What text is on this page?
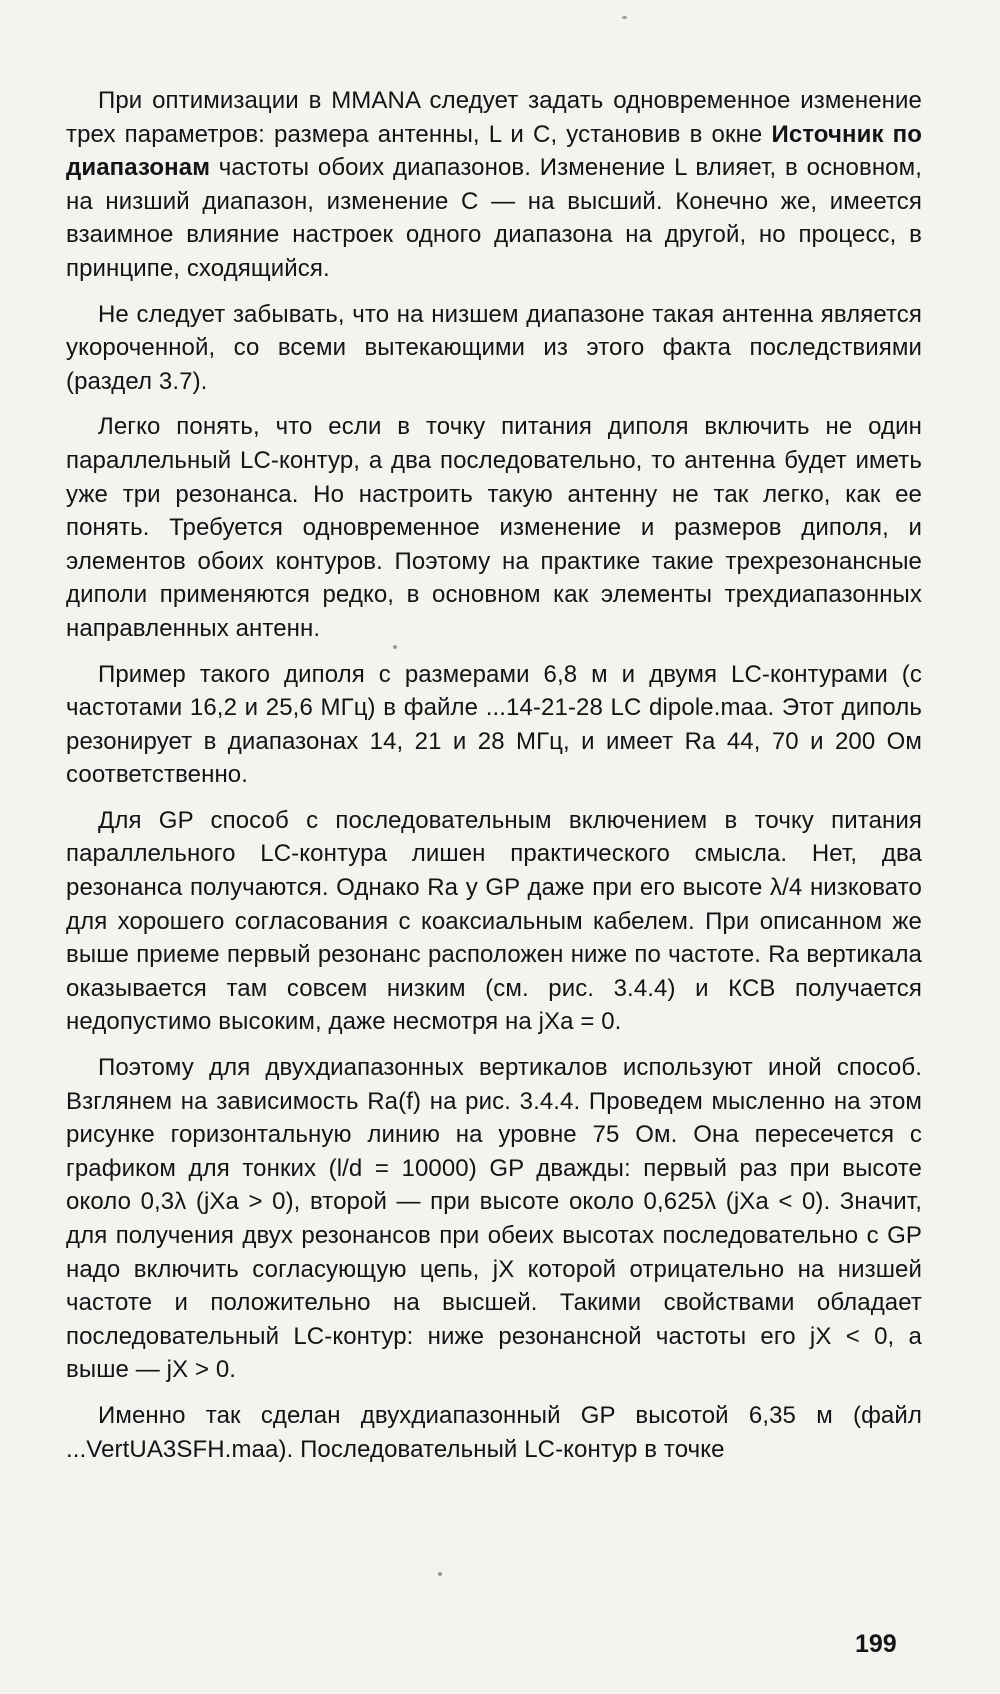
При оптимизации в MMANA следует задать одновременное изменение трех параметров: размера антенны, L и C, установив в окне Источник по диапазонам частоты обоих диапазонов. Изменение L влияет, в основном, на низший диапазон, изменение C — на высший. Конечно же, имеется взаимное влияние настроек одного диапазона на другой, но процесс, в принципе, сходящийся.

Не следует забывать, что на низшем диапазоне такая антенна является укороченной, со всеми вытекающими из этого факта последствиями (раздел 3.7).

Легко понять, что если в точку питания диполя включить не один параллельный LC-контур, а два последовательно, то антенна будет иметь уже три резонанса. Но настроить такую антенну не так легко, как ее понять. Требуется одновременное изменение и размеров диполя, и элементов обоих контуров. Поэтому на практике такие трехрезонансные диполи применяются редко, в основном как элементы трехдиапазонных направленных антенн.

Пример такого диполя с размерами 6,8 м и двумя LC-контурами (с частотами 16,2 и 25,6 МГц) в файле ...14-21-28 LC dipole.maa. Этот диполь резонирует в диапазонах 14, 21 и 28 МГц, и имеет Ra 44, 70 и 200 Ом соответственно.

Для GP способ с последовательным включением в точку питания параллельного LC-контура лишен практического смысла. Нет, два резонанса получаются. Однако Ra у GP даже при его высоте λ/4 низковато для хорошего согласования с коаксиальным кабелем. При описанном же выше приеме первый резонанс расположен ниже по частоте. Ra вертикала оказывается там совсем низким (см. рис. 3.4.4) и КСВ получается недопустимо высоким, даже несмотря на jXa = 0.

Поэтому для двухдиапазонных вертикалов используют иной способ. Взглянем на зависимость Ra(f) на рис. 3.4.4. Проведем мысленно на этом рисунке горизонтальную линию на уровне 75 Ом. Она пересечется с графиком для тонких (l/d = 10000) GP дважды: первый раз при высоте около 0,3λ (jXa > 0), второй — при высоте около 0,625λ (jXa < 0). Значит, для получения двух резонансов при обеих высотах последовательно с GP надо включить согласующую цепь, jX которой отрицательно на низшей частоте и положительно на высшей. Такими свойствами обладает последовательный LC-контур: ниже резонансной частоты его jX < 0, а выше — jX > 0.

Именно так сделан двухдиапазонный GP высотой 6,35 м (файл ...VertUA3SFH.maa). Последовательный LC-контур в точке

199
